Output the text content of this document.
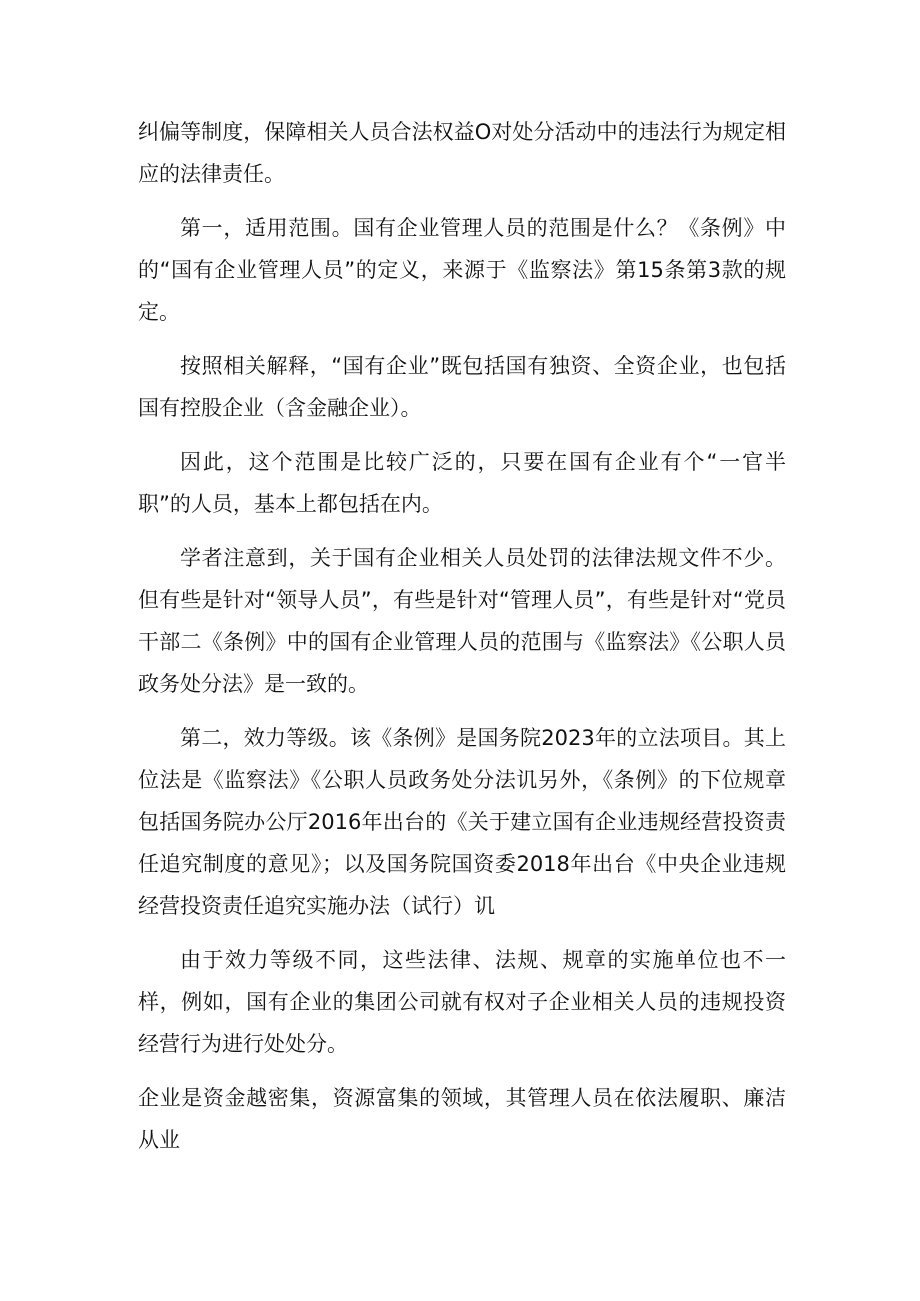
纠偏等制度，保障相关人员合法权益O对处分活动中的违法行为规定相应的法律责任。

第一，适用范围。国有企业管理人员的范围是什么？《条例》中的“国有企业管理人员”的定义，来源于《监察法》第15条第3款的规定。

按照相关解释，“国有企业”既包括国有独资、全资企业，也包括国有控股企业（含金融企业）。

因此，这个范围是比较广泛的，只要在国有企业有个“一官半职”的人员，基本上都包括在内。

学者注意到，关于国有企业相关人员处罚的法律法规文件不少。但有些是针对“领导人员”，有些是针对“管理人员”，有些是针对“党员干部二《条例》中的国有企业管理人员的范围与《监察法》《公职人员政务处分法》是一致的。

第二，效力等级。该《条例》是国务院2023年的立法项目。其上位法是《监察法》《公职人员政务处分法讥另外，《条例》的下位规章包括国务院办公厅2016年出台的《关于建立国有企业违规经营投资责任追究制度的意见》；以及国务院国资委2018年出台《中央企业违规经营投资责任追究实施办法（试行）讥

由于效力等级不同，这些法律、法规、规章的实施单位也不一样，例如，国有企业的集团公司就有权对子企业相关人员的违规投资经营行为进行处处分。

企业是资金越密集，资源富集的领域，其管理人员在依法履职、廉洁从业
